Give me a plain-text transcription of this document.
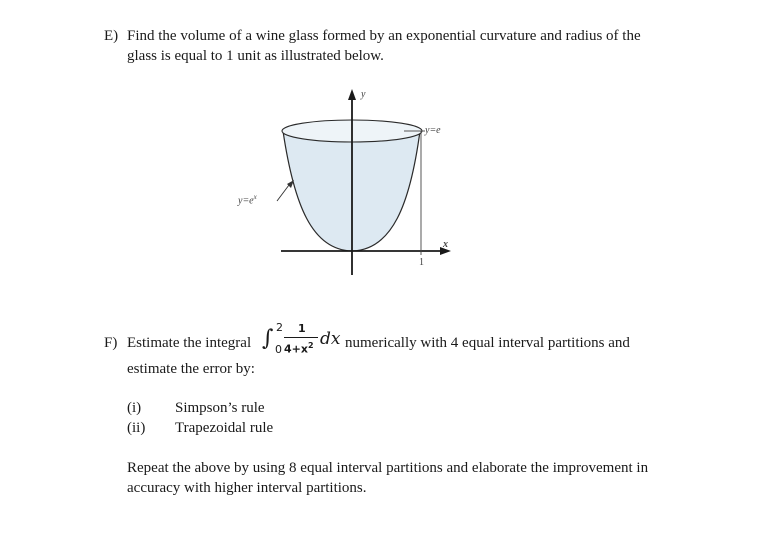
E) Find the volume of a wine glass formed by an exponential curvature and radius of the
glass is equal to 1 unit as illustrated below.
y
y=e
$y=e^x$
x
1
F) Estimate the integral ∫ 2
0
1
$4+x^2$ dx numerically with 4 equal interval partitions and
estimate the error by:
(i) Simpson’s rule
(ii) Trapezoidal rule
Repeat the above by using 8 equal interval partitions and elaborate the improvement in
accuracy with higher interval partitions.
